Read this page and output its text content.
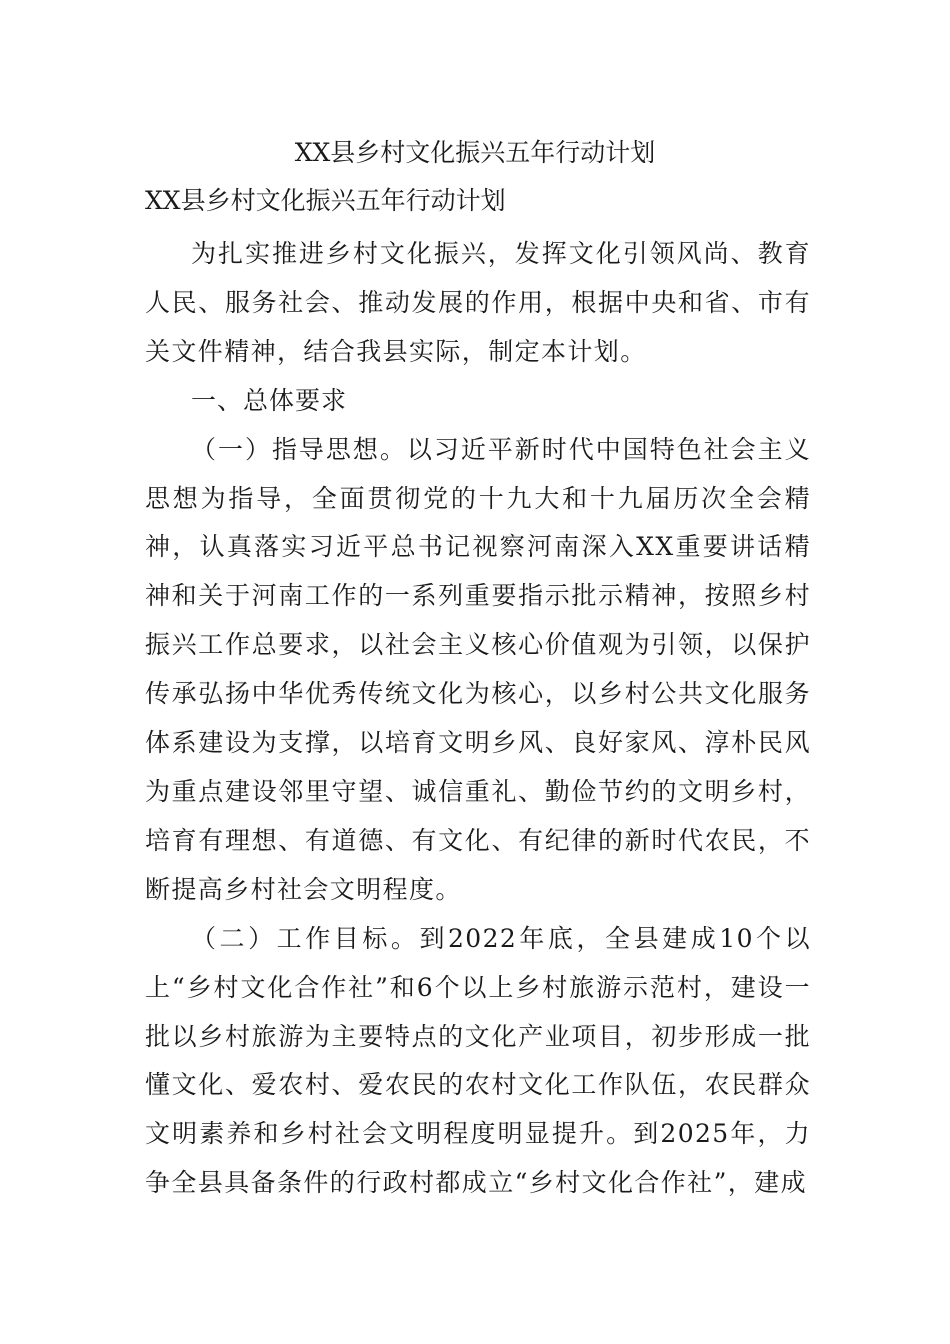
XX县乡村文化振兴五年行动计划

XX县乡村文化振兴五年行动计划

为扎实推进乡村文化振兴，发挥文化引领风尚、教育人民、服务社会、推动发展的作用，根据中央和省、市有关文件精神，结合我县实际，制定本计划。

一、总体要求

（一）指导思想。以习近平新时代中国特色社会主义思想为指导，全面贯彻党的十九大和十九届历次全会精神，认真落实习近平总书记视察河南深入XX重要讲话精神和关于河南工作的一系列重要指示批示精神，按照乡村振兴工作总要求，以社会主义核心价值观为引领，以保护传承弘扬中华优秀传统文化为核心，以乡村公共文化服务体系建设为支撑，以培育文明乡风、良好家风、淳朴民风为重点建设邻里守望、诚信重礼、勤俭节约的文明乡村，培育有理想、有道德、有文化、有纪律的新时代农民，不断提高乡村社会文明程度。

（二）工作目标。到2022年底，全县建成10个以上“乡村文化合作社”和6个以上乡村旅游示范村，建设一批以乡村旅游为主要特点的文化产业项目，初步形成一批懂文化、爱农村、爱农民的农村文化工作队伍，农民群众文明素养和乡村社会文明程度明显提升。到2025年，力争全县具备条件的行政村都成立“乡村文化合作社”，建成
